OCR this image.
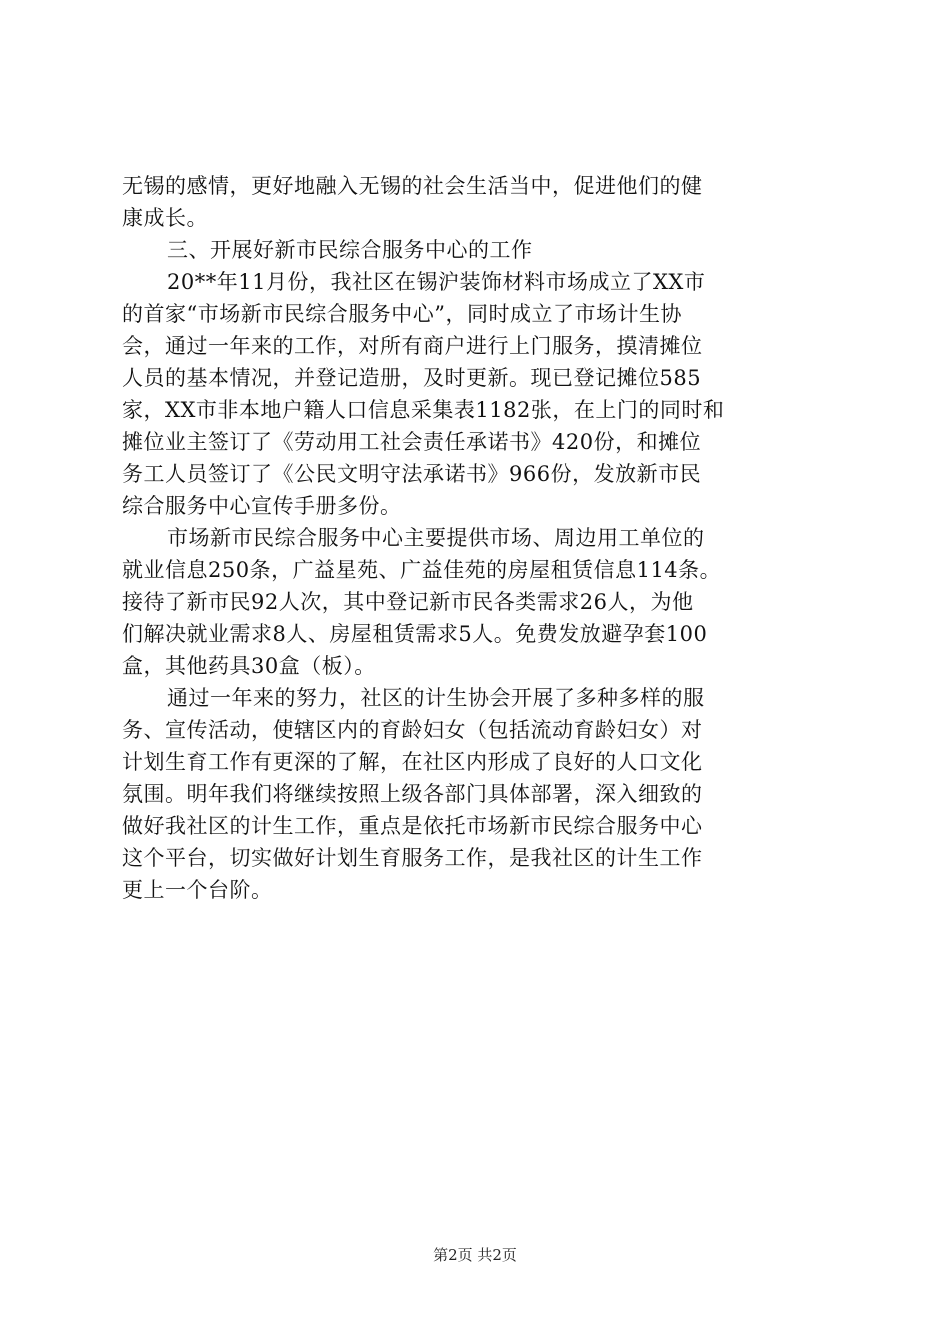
无锡的感情，更好地融入无锡的社会生活当中，促进他们的健
康成长。
三、开展好新市民综合服务中心的工作
20**年11月份，我社区在锡沪装饰材料市场成立了XX市
的首家“市场新市民综合服务中心”，同时成立了市场计生协
会，通过一年来的工作，对所有商户进行上门服务，摸清摊位
人员的基本情况，并登记造册，及时更新。现已登记摊位585
家，XX市非本地户籍人口信息采集表1182张，在上门的同时和
摊位业主签订了《劳动用工社会责任承诺书》420份，和摊位
务工人员签订了《公民文明守法承诺书》966份，发放新市民
综合服务中心宣传手册多份。
市场新市民综合服务中心主要提供市场、周边用工单位的
就业信息250条，广益星苑、广益佳苑的房屋租赁信息114条。
接待了新市民92人次，其中登记新市民各类需求26人，为他
们解决就业需求8人、房屋租赁需求5人。免费发放避孕套100
盒，其他药具30盒（板）。
通过一年来的努力，社区的计生协会开展了多种多样的服
务、宣传活动，使辖区内的育龄妇女（包括流动育龄妇女）对
计划生育工作有更深的了解，在社区内形成了良好的人口文化
氛围。明年我们将继续按照上级各部门具体部署，深入细致的
做好我社区的计生工作，重点是依托市场新市民综合服务中心
这个平台，切实做好计划生育服务工作，是我社区的计生工作
更上一个台阶。
第2页 共2页
